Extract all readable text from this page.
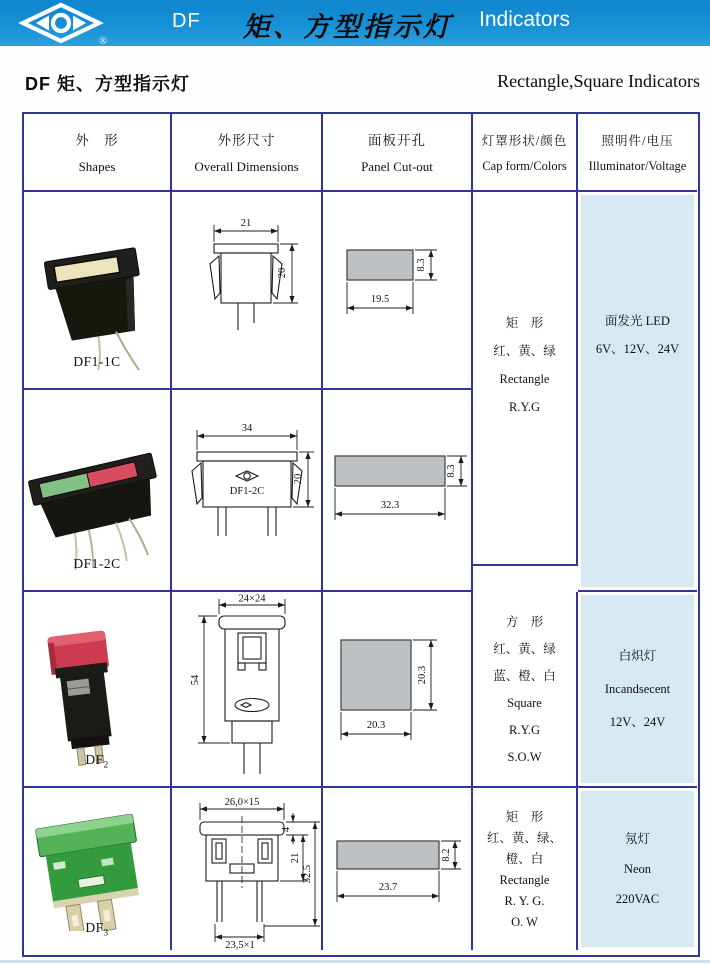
®
DF 矩、方型指示灯 Indicators
DF 矩、方型指示灯	Rectangle,Square Indicators
外　形
Shapes
外形尺寸
Overall Dimensions
面板开孔
Panel Cut-out
灯罩形状/颜色
Cap form/Colors
照明件/电压
Illuminator/Voltage
DF1-1C
21
20
19.5
8.3
矩　形
红、黄、绿
Rectangle
R.Y.G
面发光 LED
6V、12V、24V
DF1-2C
DF1-2C
34
20
32.3
8.3
$DF_2$
24×24
54
20.3
20.3
方　形
红、黄、绿
蓝、橙、白
Square
R.Y.G
S.O.W
白炽灯
Incandsecent
12V、24V
$DF_3$
26,0×15
4
21
32.5
23,5×1
23.7
8.2
矩　形
红、黄、绿、
橙、白
Rectangle
R. Y. G.
O. W
氖灯
Neon
220VAC
